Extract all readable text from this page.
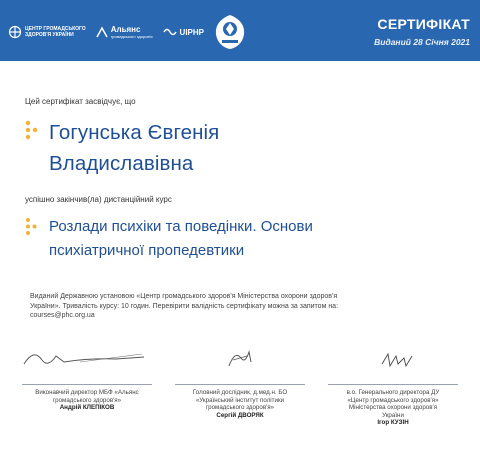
ЦЕНТР ГРОМАДСЬКОГО
ЗДОРОВ'Я УКРАЇНИ
Альянс
громадського здоров'я	UIPHP	СЕРТИФІКАТ
Виданий 28 Січня 2021
Цей сертифікат засвідчує, що
Гогунська Євгенія
Владиславівна
успішно закінчив(ла) дистанційний курс
Розлади психіки та поведінки. Основи
психіатричної пропедевтики
Виданий Державною установою «Центр громадського здоров'я Міністерства охорони здоров'я
України». Тривалість курсу: 10 годин. Перевірити валідність сертифікату можна за запитом на:
courses@phc.org.ua
Виконавчий директор МБФ «Альянс
громадського здоров'я»
Андрій КЛЕПІКОВ
Головний дослідник, д.мед.н. БО
«Український інститут політики
громадського здоров'я»
Сергій ДВОРЯК
в.о. Генерального директора ДУ
«Центр громадського здоров'я»
Міністерства охорони здоров'я
України
Ігор КУЗІН
